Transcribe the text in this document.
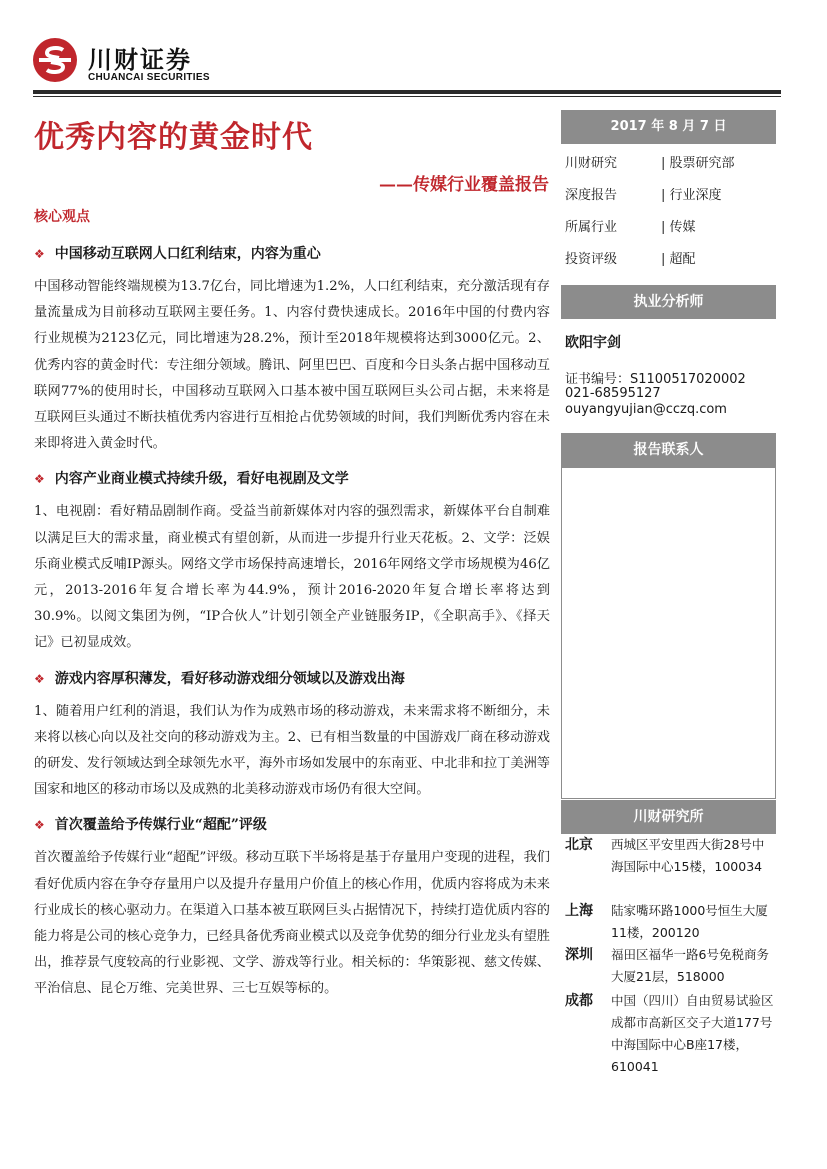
川财证券
CHUANCAI SECURITIES
优秀内容的黄金时代
——传媒行业覆盖报告
核心观点
❖ 中国移动互联网人口红利结束，内容为重心

中国移动智能终端规模为13.7亿台，同比增速为1.2%，人口红利结束，充分激活现有存量流量成为目前移动互联网主要任务。1、内容付费快速成长。2016年中国的付费内容行业规模为2123亿元，同比增速为28.2%，预计至2018年规模将达到3000亿元。2、优秀内容的黄金时代：专注细分领域。腾讯、阿里巴巴、百度和今日头条占据中国移动互联网77%的使用时长，中国移动互联网入口基本被中国互联网巨头公司占据，未来将是互联网巨头通过不断扶植优秀内容进行互相抢占优势领域的时间，我们判断优秀内容在未来即将进入黄金时代。

❖ 内容产业商业模式持续升级，看好电视剧及文学

1、电视剧：看好精品剧制作商。受益当前新媒体对内容的强烈需求，新媒体平台自制难以满足巨大的需求量，商业模式有望创新，从而进一步提升行业天花板。2、文学：泛娱乐商业模式反哺IP源头。网络文学市场保持高速增长，2016年网络文学市场规模为46亿元，2013-2016年复合增长率为44.9%，预计2016-2020年复合增长率将达到30.9%。以阅文集团为例，“IP合伙人”计划引领全产业链服务IP，《全职高手》、《择天记》已初显成效。

❖ 游戏内容厚积薄发，看好移动游戏细分领域以及游戏出海

1、随着用户红利的消退，我们认为作为成熟市场的移动游戏，未来需求将不断细分，未来将以核心向以及社交向的移动游戏为主。2、已有相当数量的中国游戏厂商在移动游戏的研发、发行领域达到全球领先水平，海外市场如发展中的东南亚、中北非和拉丁美洲等国家和地区的移动市场以及成熟的北美移动游戏市场仍有很大空间。

❖ 首次覆盖给予传媒行业“超配”评级

首次覆盖给予传媒行业“超配”评级。移动互联下半场将是基于存量用户变现的进程，我们看好优质内容在争夺存量用户以及提升存量用户价值上的核心作用，优质内容将成为未来行业成长的核心驱动力。在渠道入口基本被互联网巨头占据情况下，持续打造优质内容的能力将是公司的核心竞争力，已经具备优秀商业模式以及竞争优势的细分行业龙头有望胜出，推荐景气度较高的行业影视、文学、游戏等行业。相关标的：华策影视、慈文传媒、平治信息、昆仑万维、完美世界、三七互娱等标的。

2017 年 8 月 7 日
川财研究	| 股票研究部
深度报告	| 行业深度
所属行业	| 传媒
投资评级	| 超配
执业分析师
欧阳宇剑
证书编号：S1100517020002
021-68595127
ouyangyujian@cczq.com
报告联系人
川财研究所
北京 西城区平安里西大街28号中海国际中心15楼，100034
上海 陆家嘴环路1000号恒生大厦11楼，200120
深圳 福田区福华一路6号免税商务大厦21层，518000
成都 中国（四川）自由贸易试验区成都市高新区交子大道177号中海国际中心B座17楼，610041
